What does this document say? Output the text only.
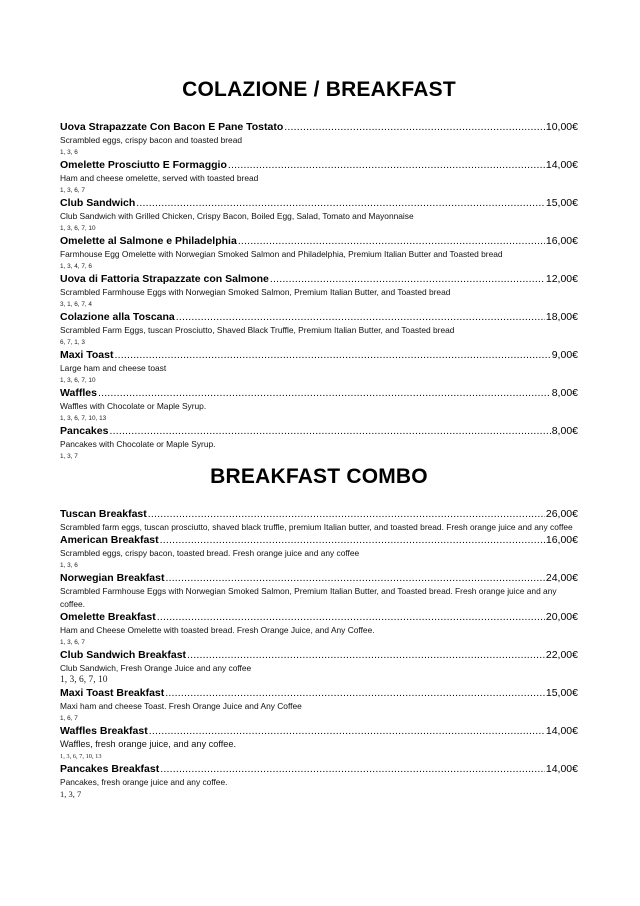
COLAZIONE / BREAKFAST
Uova Strapazzate Con Bacon E Pane Tostato .....	10,00€
Scrambled eggs, crispy bacon and toasted bread
1, 3, 6
Omelette Prosciutto E Formaggio .....	14,00€
Ham and cheese omelette, served with toasted bread
1, 3, 6, 7
Club Sandwich .....	15,00€
Club Sandwich with Grilled Chicken, Crispy Bacon, Boiled Egg, Salad, Tomato and Mayonnaise
1, 3, 6, 7, 10
Omelette al Salmone e Philadelphia .....	16,00€
Farmhouse Egg Omelette with Norwegian Smoked Salmon and Philadelphia, Premium Italian Butter and Toasted bread
1, 3, 4, 7, 6
Uova di Fattoria Strapazzate con Salmone .....	12,00€
Scrambled Farmhouse Eggs with Norwegian Smoked Salmon, Premium Italian Butter, and Toasted bread
3, 1, 6, 7, 4
Colazione alla Toscana .....	18,00€
Scrambled Farm Eggs, tuscan Prosciutto, Shaved Black Truffle, Premium Italian Butter, and Toasted bread
6, 7, 1, 3
Maxi Toast .....	9,00€
Large ham and cheese toast
1, 3, 6, 7, 10
Waffles .....	8,00€
Waffles with Chocolate or Maple Syrup.
1, 3, 6, 7, 10, 13
Pancakes .....	8,00€
Pancakes with Chocolate or Maple Syrup.
1, 3, 7
BREAKFAST COMBO
Tuscan Breakfast .....	26,00€
Scrambled farm eggs, tuscan prosciutto, shaved black truffle, premium Italian butter, and toasted bread. Fresh orange juice and any coffee
American Breakfast .....	16,00€
Scrambled eggs, crispy bacon, toasted bread. Fresh orange juice and any coffee
1, 3, 6
Norwegian Breakfast .....	24,00€
Scrambled Farmhouse Eggs with Norwegian Smoked Salmon, Premium Italian Butter, and Toasted bread. Fresh orange juice and any coffee.
Omelette Breakfast .....	20,00€
Ham and Cheese Omelette with toasted bread. Fresh Orange Juice, and Any Coffee.
1, 3, 6, 7
Club Sandwich Breakfast .....	22,00€
Club Sandwich, Fresh Orange Juice and any coffee
1, 3, 6, 7, 10
Maxi Toast Breakfast .....	15,00€
Maxi ham and cheese Toast. Fresh Orange Juice and Any Coffee
1, 6, 7
Waffles Breakfast .....	14,00€
Waffles, fresh orange juice, and any coffee.
1, 3, 6, 7, 10, 13
Pancakes Breakfast .....	14,00€
Pancakes, fresh orange juice and any coffee.
1, 3, 7
